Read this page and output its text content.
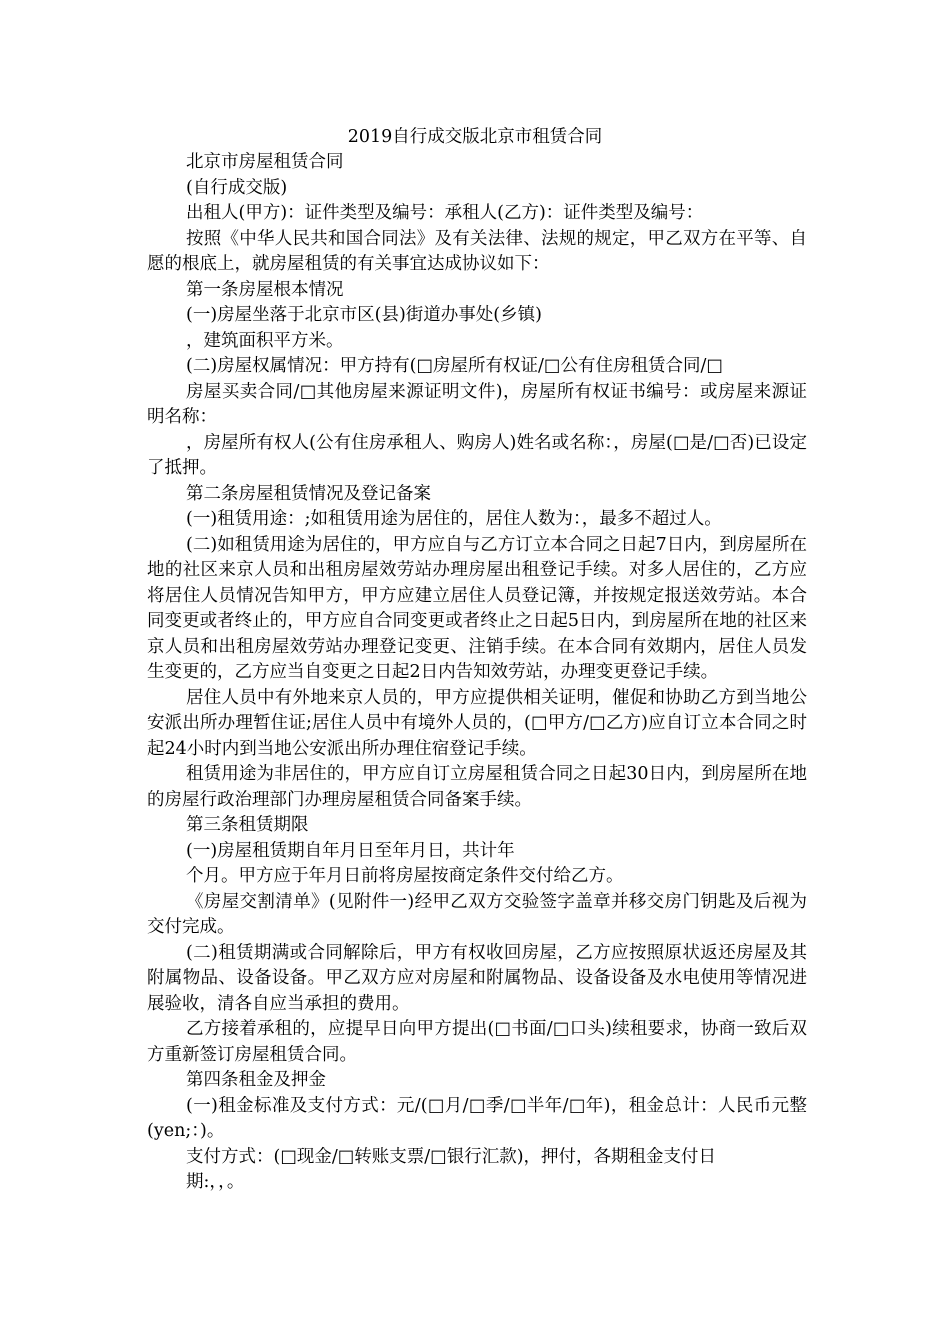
2019自行成交版北京市租赁合同

北京市房屋租赁合同

(自行成交版)

出租人(甲方)：证件类型及编号：承租人(乙方)：证件类型及编号：

按照《中华人民共和国合同法》及有关法律、法规的规定，甲乙双方在平等、自愿的根底上，就房屋租赁的有关事宜达成协议如下：

第一条房屋根本情况

(一)房屋坐落于北京市区(县)街道办事处(乡镇)

，建筑面积平方米。

(二)房屋权属情况：甲方持有(□房屋所有权证/□公有住房租赁合同/□

房屋买卖合同/□其他房屋来源证明文件)，房屋所有权证书编号：或房屋来源证明名称：

，房屋所有权人(公有住房承租人、购房人)姓名或名称：，房屋(□是/□否)已设定了抵押。

第二条房屋租赁情况及登记备案

(一)租赁用途：;如租赁用途为居住的，居住人数为：，最多不超过人。

(二)如租赁用途为居住的，甲方应自与乙方订立本合同之日起7日内，到房屋所在地的社区来京人员和出租房屋效劳站办理房屋出租登记手续。对多人居住的，乙方应将居住人员情况告知甲方，甲方应建立居住人员登记簿，并按规定报送效劳站。本合同变更或者终止的，甲方应自合同变更或者终止之日起5日内，到房屋所在地的社区来京人员和出租房屋效劳站办理登记变更、注销手续。在本合同有效期内，居住人员发生变更的，乙方应当自变更之日起2日内告知效劳站，办理变更登记手续。

居住人员中有外地来京人员的，甲方应提供相关证明，催促和协助乙方到当地公安派出所办理暂住证;居住人员中有境外人员的，(□甲方/□乙方)应自订立本合同之时起24小时内到当地公安派出所办理住宿登记手续。

租赁用途为非居住的，甲方应自订立房屋租赁合同之日起30日内，到房屋所在地的房屋行政治理部门办理房屋租赁合同备案手续。

第三条租赁期限

(一)房屋租赁期自年月日至年月日，共计年

个月。甲方应于年月日前将房屋按商定条件交付给乙方。

《房屋交割清单》(见附件一)经甲乙双方交验签字盖章并移交房门钥匙及后视为交付完成。

(二)租赁期满或合同解除后，甲方有权收回房屋，乙方应按照原状返还房屋及其附属物品、设备设备。甲乙双方应对房屋和附属物品、设备设备及水电使用等情况进展验收，清各自应当承担的费用。

乙方接着承租的，应提早日向甲方提出(□书面/□口头)续租要求，协商一致后双方重新签订房屋租赁合同。

第四条租金及押金

(一)租金标准及支付方式：元/(□月/□季/□半年/□年)，租金总计：人民币元整(yen;：)。

支付方式：(□现金/□转账支票/□银行汇款)，押付，各期租金支付日

期:，，。
